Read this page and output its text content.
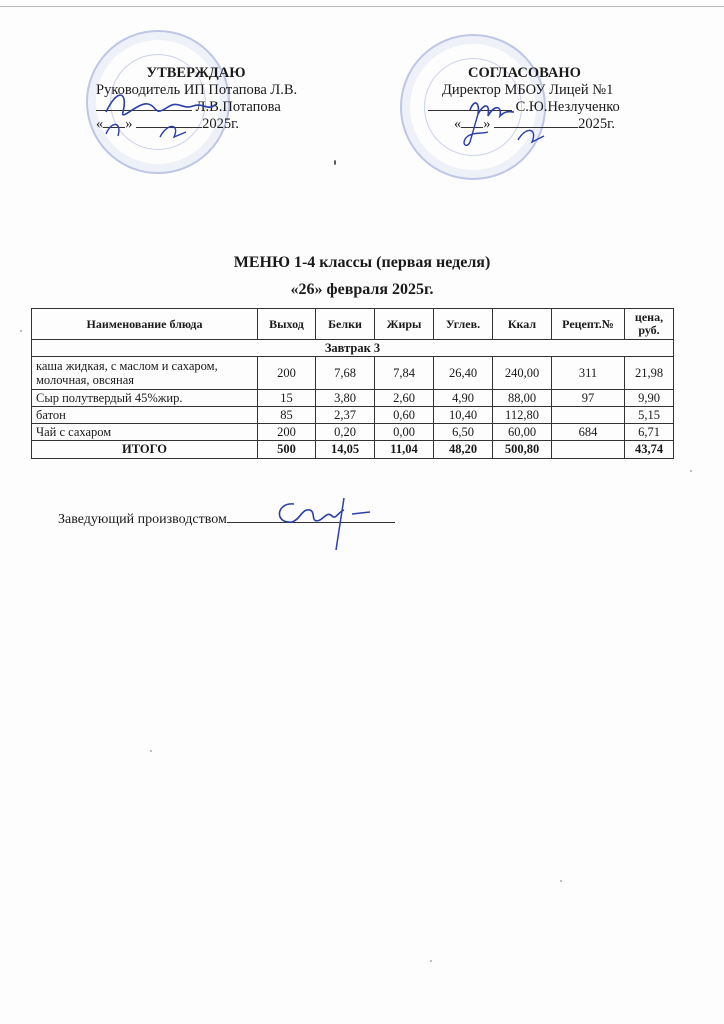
УТВЕРЖДАЮ
Руководитель ИП Потапова Л.В.
Л.В.Потапова
« »	2025г.
СОГЛАСОВАНО
Директор МБОУ Лицей №1
С.Ю.Незлученко
« »	2025г.
МЕНЮ 1-4 классы (первая неделя)
«26» февраля 2025г.
Наименование блюда	Выход	Белки	Жиры	Углев.	Ккал	Рецепт.№	цена, руб.
Завтрак 3							
каша жидкая, с маслом и сахаром, молочная, овсяная	200	7,68	7,84	26,40	240,00	311	21,98
Сыр полутвердый 45%жир.	15	3,80	2,60	4,90	88,00	97	9,90
батон	85	2,37	0,60	10,40	112,80		5,15
Чай с сахаром	200	0,20	0,00	6,50	60,00	684	6,71
ИТОГО	500	14,05	11,04	48,20	500,80		43,74
Заведующий производством
